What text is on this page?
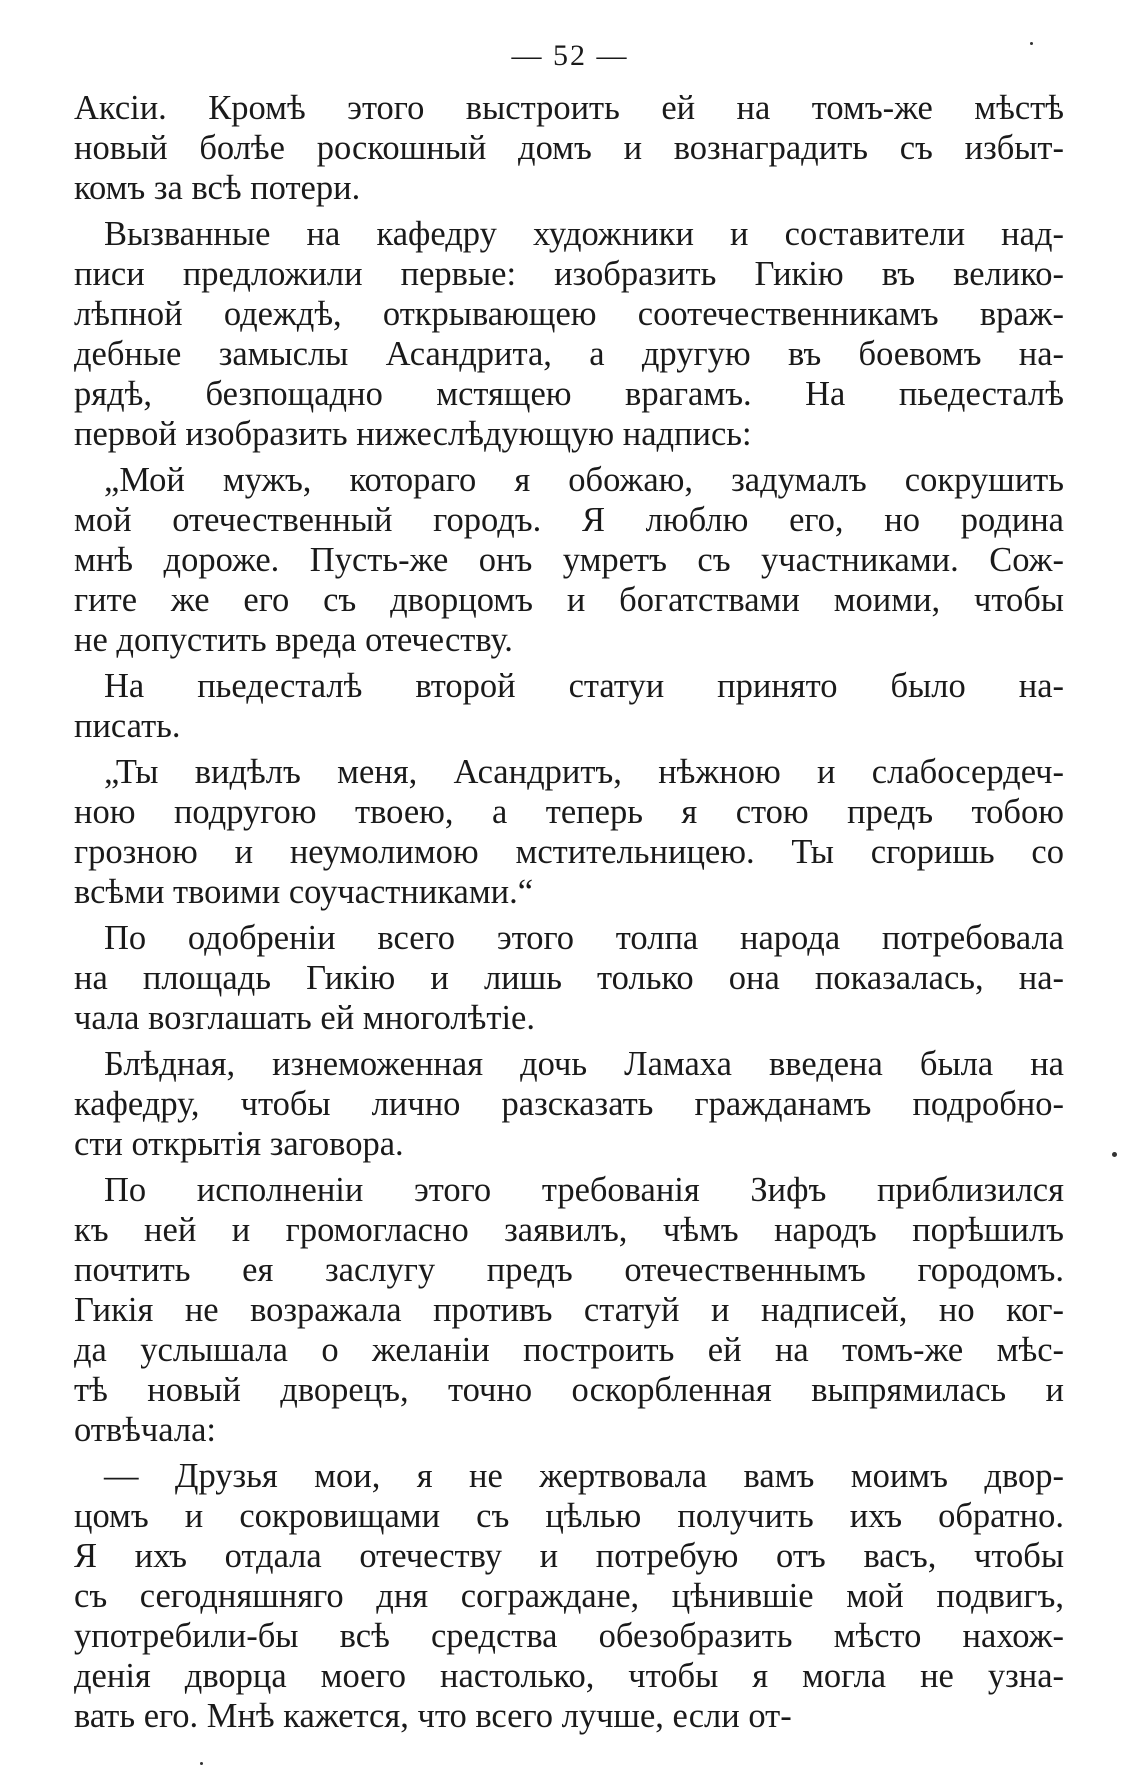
— 52 —
Аксiи. Кромѣ этого выстроить ей на томъ-же мѣстѣ
новый болѣе роскошный домъ и вознаградить съ избыт-
комъ за всѣ потери.
Вызванные на кафедру художники и составители над-
писи предложили первые: изобразить Гикiю въ велико-
лѣпной одеждѣ, открывающею соотечественникамъ враж-
дебные замыслы Асандрита, а другую въ боевомъ на-
рядѣ, безпощадно мстящею врагамъ. На пьедесталѣ
первой изобразить нижеслѣдующую надпись:
„Мой мужъ, котораго я обожаю, задумалъ сокрушить
мой отечественный городъ. Я люблю его, но родина
мнѣ дороже. Пусть-же онъ умретъ съ участниками. Сож-
гите же его съ дворцомъ и богатствами моими, чтобы
не допустить вреда отечеству.
На пьедесталѣ второй статуи принято было на-
писать.
„Ты видѣлъ меня, Асандритъ, нѣжною и слабосердеч-
ною подругою твоею, а теперь я стою предъ тобою
грозною и неумолимою мстительницею. Ты сгоришь со
всѣми твоими соучастниками.“
По одобренiи всего этого толпа народа потребовала
на площадь Гикiю и лишь только она показалась, на-
чала возглашать ей многолѣтiе.
Блѣдная, изнеможенная дочь Ламаха введена была на
кафедру, чтобы лично разсказать гражданамъ подробно-
сти открытiя заговора.
По исполненiи этого требованiя Зифъ приблизился
къ ней и громогласно заявилъ, чѣмъ народъ порѣшилъ
почтить ея заслугу предъ отечественнымъ городомъ.
Гикiя не возражала противъ статуй и надписей, но ког-
да услышала о желанiи построить ей на томъ-же мѣс-
тѣ новый дворецъ, точно оскорбленная выпрямилась и
отвѣчала:
— Друзья мои, я не жертвовала вамъ моимъ двор-
цомъ и сокровищами съ цѣлью получить ихъ обратно.
Я ихъ отдала отечеству и потребую отъ васъ, чтобы
съ сегодняшняго дня сограждане, цѣнившiе мой подвигъ,
употребили-бы всѣ средства обезобразить мѣсто нахож-
денiя дворца моего настолько, чтобы я могла не узна-
вать его. Мнѣ кажется, что всего лучше, если от-
